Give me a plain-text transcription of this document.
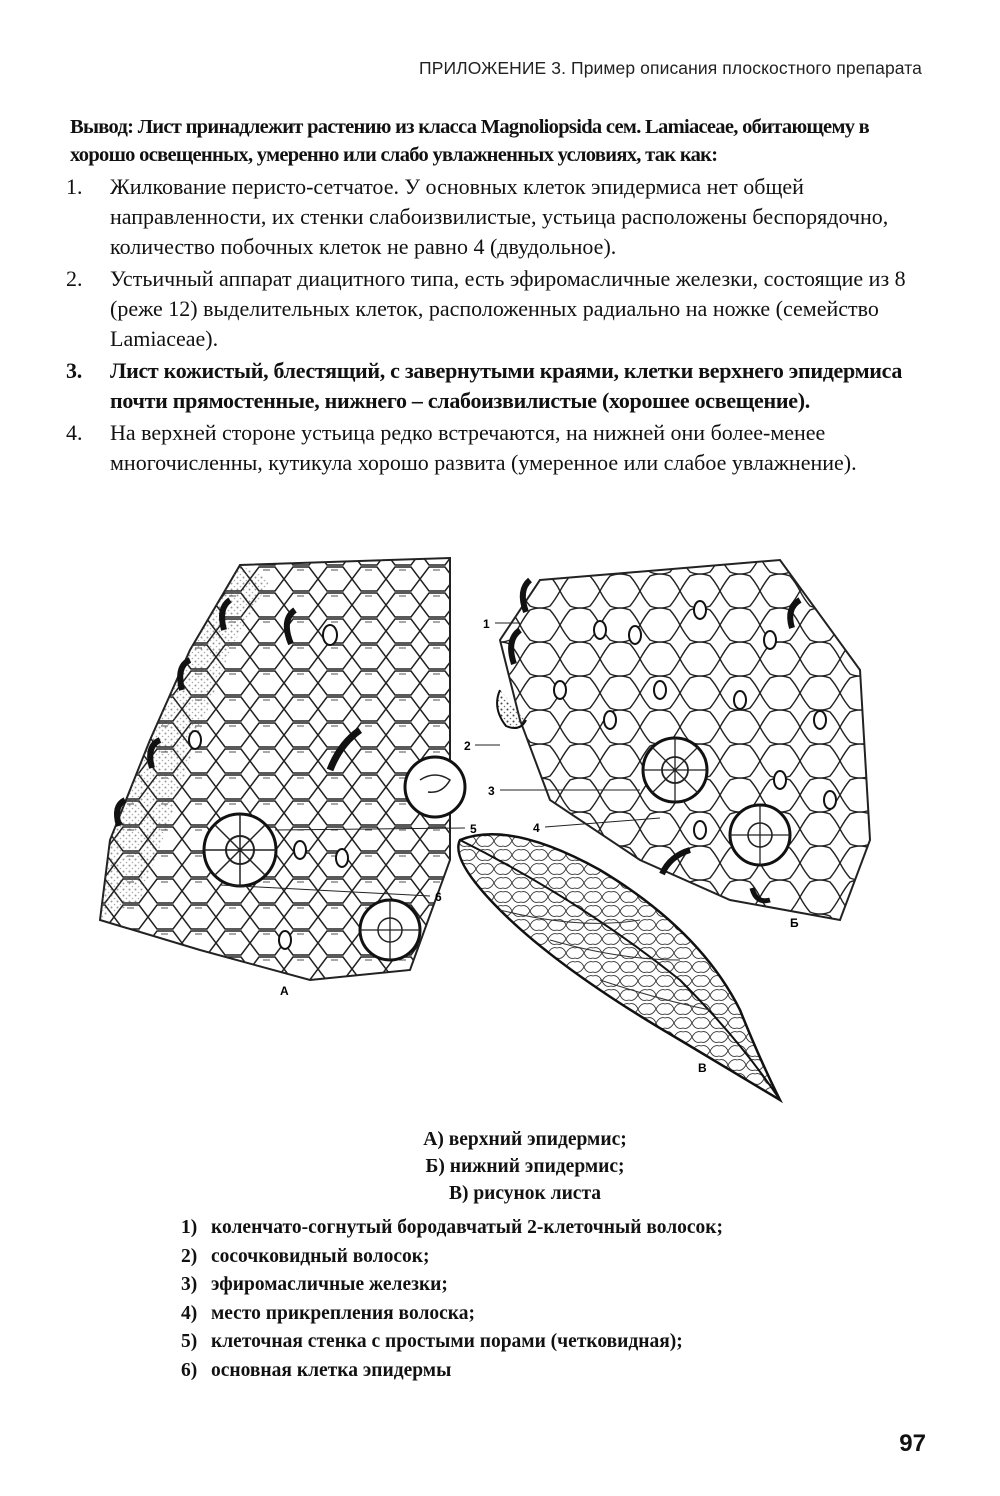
ПРИЛОЖЕНИЕ 3. Пример описания плоскостного препарата
Вывод: Лист принадлежит растению из класса Magnoliopsida сем. Lamiaceae, обитающему в хорошо освещенных, умеренно или слабо увлажненных условиях, так как:
1. Жилкование перисто-сетчатое. У основных клеток эпидермиса нет общей направленности, их стенки слабоизвилистые, устьица расположены беспорядочно, количество побочных клеток не равно 4 (двудольное).
2. Устьичный аппарат диацитного типа, есть эфиромасличные железки, состоящие из 8 (реже 12) выделительных клеток, расположенных радиально на ножке (семейство Lamiaceae).
3. Лист кожистый, блестящий, с завернутыми краями, клетки верхнего эпидермиса почти прямостенные, нижнего – слабоизвилистые (хорошее освещение).
4. На верхней стороне устьица редко встречаются, на нижней они более-менее многочисленны, кутикула хорошо развита (умеренное или слабое увлажнение).
1
2
3
4
5
6
А
Б
В
А) верхний эпидермис;
Б) нижний эпидермис;
В) рисунок листа
1) коленчато-согнутый бородавчатый 2-клеточный волосок;
2) сосочковидный волосок;
3) эфиромасличные железки;
4) место прикрепления волоска;
5) клеточная стенка с простыми порами (четковидная);
6) основная клетка эпидермы
97
